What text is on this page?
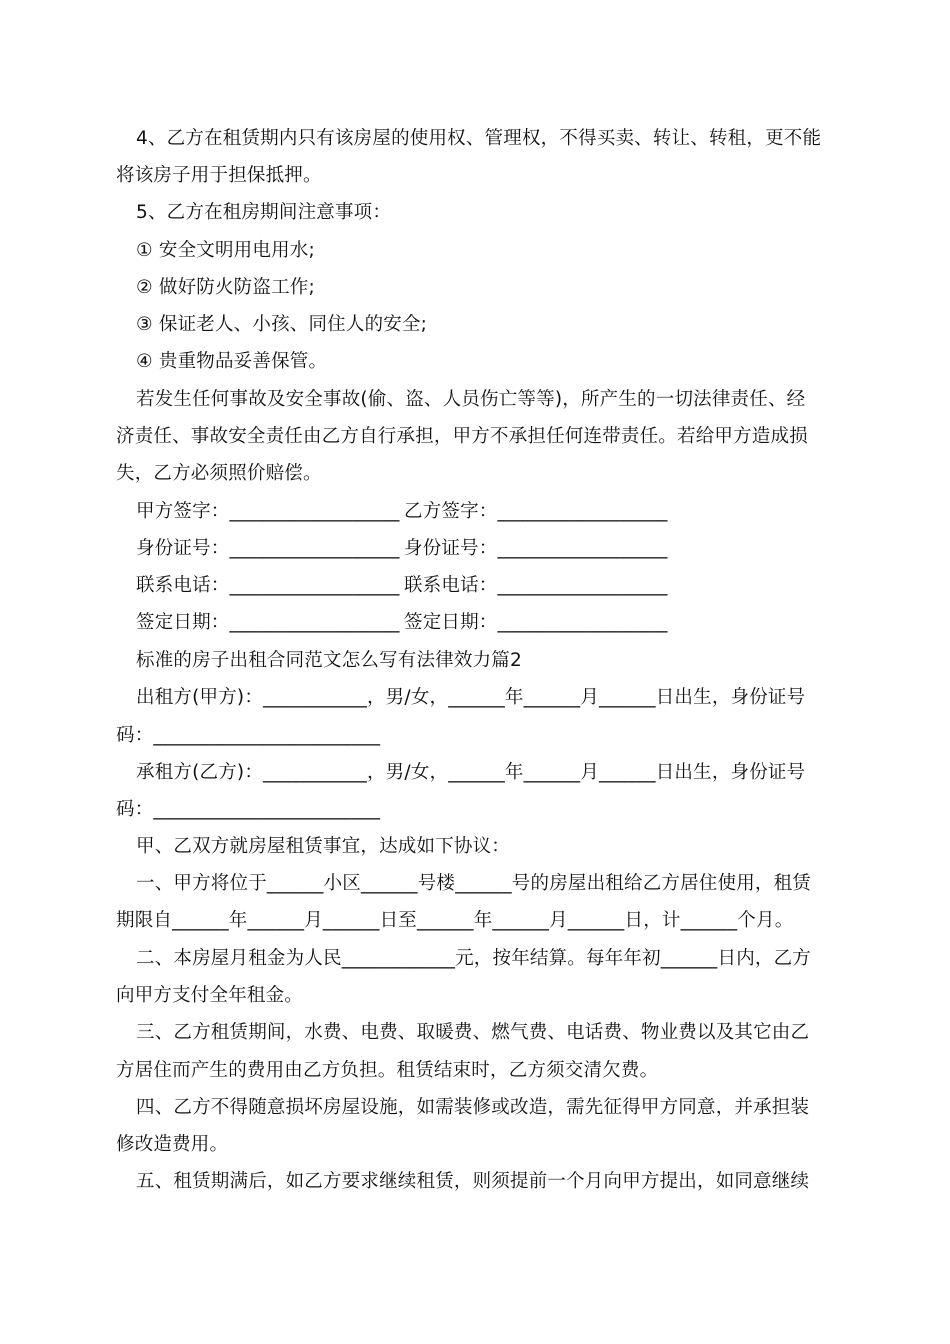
4、乙方在租赁期内只有该房屋的使用权、管理权，不得买卖、转让、转租，更不能
将该房子用于担保抵押。
5、乙方在租房期间注意事项：
① 安全文明用电用水;
② 做好防火防盗工作;
③ 保证老人、小孩、同住人的安全;
④ 贵重物品妥善保管。
若发生任何事故及安全事故(偷、盗、人员伤亡等等)，所产生的一切法律责任、经
济责任、事故安全责任由乙方自行承担，甲方不承担任何连带责任。若给甲方造成损
失，乙方必须照价赔偿。
甲方签字：__________________ 乙方签字：__________________
身份证号：__________________ 身份证号：__________________
联系电话：__________________ 联系电话：__________________
签定日期：__________________ 签定日期：__________________
标准的房子出租合同范文怎么写有法律效力篇2
出租方(甲方)：___________，男/女，______年______月______日出生，身份证号
码：________________________
承租方(乙方)：___________，男/女，______年______月______日出生，身份证号
码：________________________
甲、乙双方就房屋租赁事宜，达成如下协议：
一、甲方将位于______小区______号楼______号的房屋出租给乙方居住使用，租赁
期限自______年______月______日至______年______月______日，计______个月。
二、本房屋月租金为人民____________元，按年结算。每年年初______日内，乙方
向甲方支付全年租金。
三、乙方租赁期间，水费、电费、取暖费、燃气费、电话费、物业费以及其它由乙
方居住而产生的费用由乙方负担。租赁结束时，乙方须交清欠费。
四、乙方不得随意损坏房屋设施，如需装修或改造，需先征得甲方同意，并承担装
修改造费用。
五、租赁期满后，如乙方要求继续租赁，则须提前一个月向甲方提出，如同意继续
